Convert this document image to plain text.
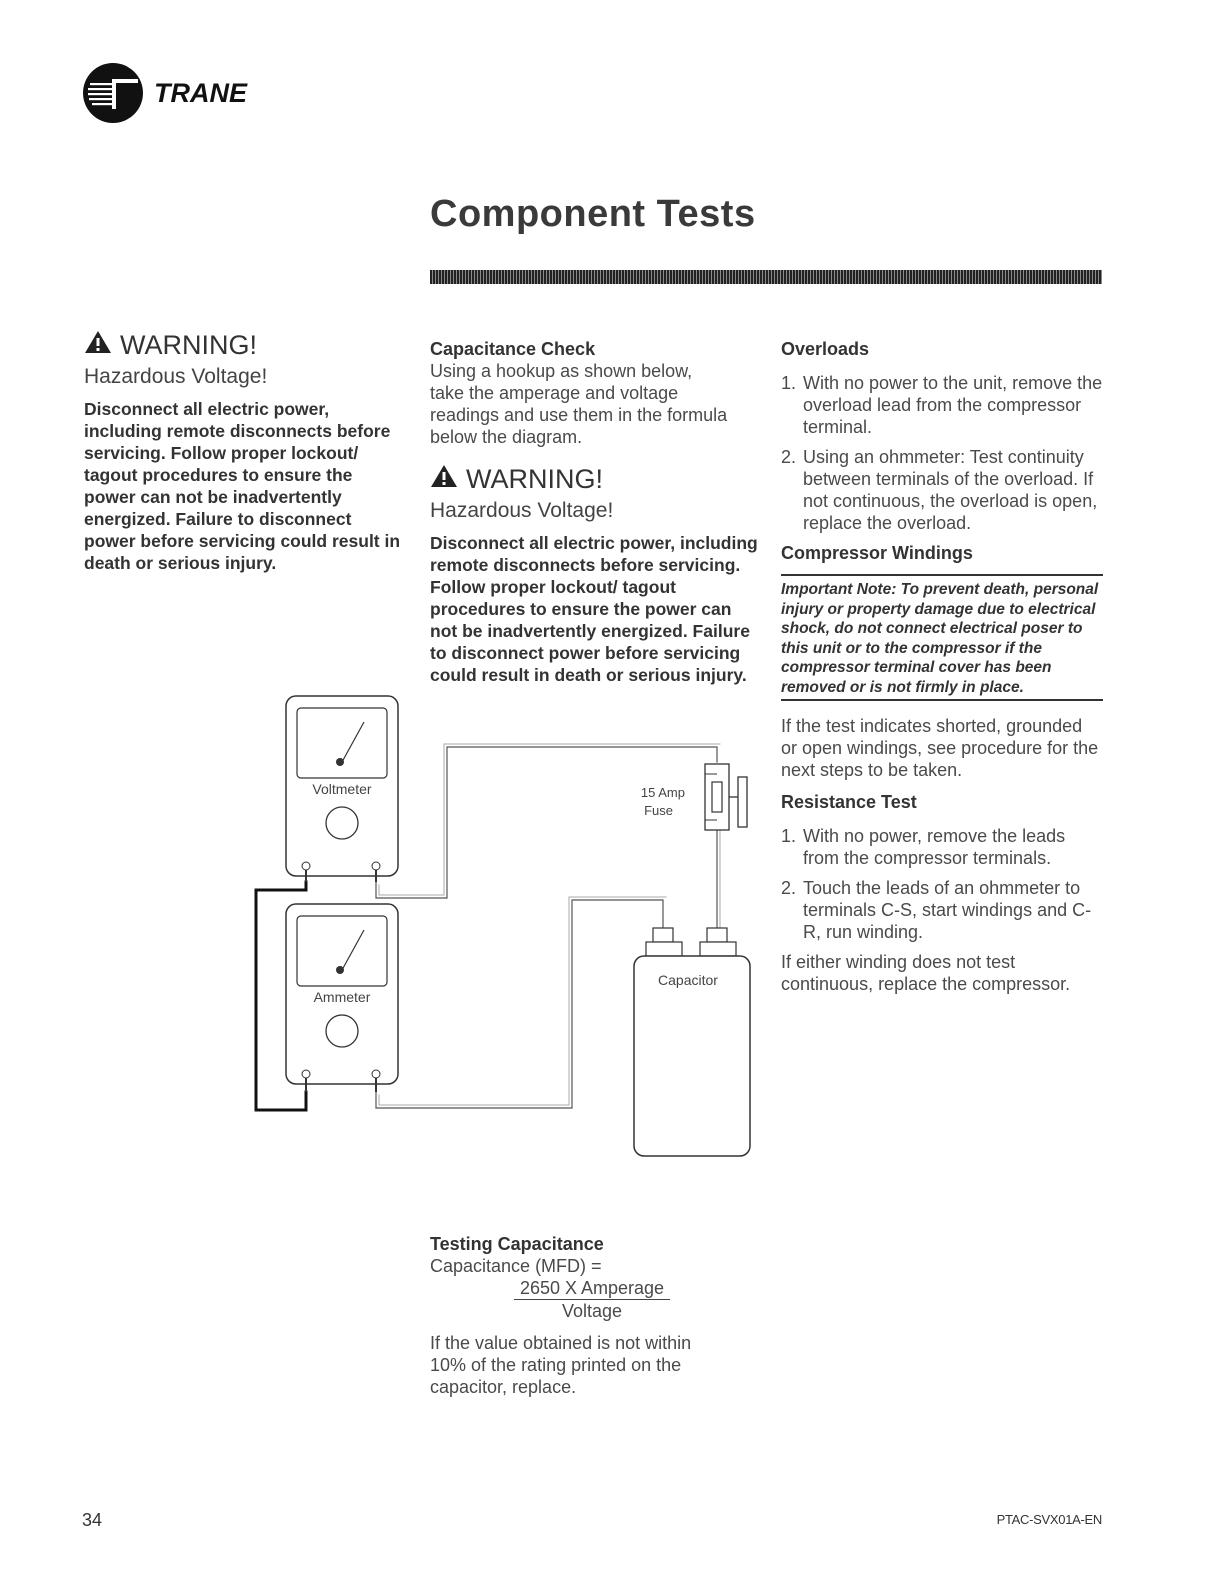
TRANE
Component Tests
WARNING!
Hazardous Voltage!
Disconnect all electric power, including remote disconnects before servicing. Follow proper lockout/ tagout procedures to ensure the power can not be inadvertently energized. Failure to disconnect power before servicing could result in death or serious injury.
Capacitance Check
Using a hookup as shown below, take the amperage and voltage readings and use them in the formula below the diagram.
WARNING!
Hazardous Voltage!
Disconnect all electric power, including remote disconnects before servicing. Follow proper lockout/ tagout procedures to ensure the power can not be inadvertently energized. Failure to disconnect power before servicing could result in death or serious injury.
Voltmeter
Ammeter
15 Amp
Fuse
Capacitor
Testing Capacitance
Capacitance (MFD) =
2650 X Amperage
Voltage
If the value obtained is not within 10% of the rating printed on the capacitor, replace.
Overloads
1. With no power to the unit, remove the overload lead from the compressor terminal.
2. Using an ohmmeter: Test continuity between terminals of the overload. If not continuous, the overload is open, replace the overload.
Compressor Windings
Important Note: To prevent death, personal injury or property damage due to electrical shock, do not connect electrical poser to this unit or to the compressor if the compressor terminal cover has been removed or is not firmly in place.
If the test indicates shorted, grounded or open windings, see procedure for the next steps to be taken.
Resistance Test
1. With no power, remove the leads from the compressor terminals.
2. Touch the leads of an ohmmeter to terminals C-S, start windings and C-R, run winding.
If either winding does not test continuous, replace the compressor.
34	PTAC-SVX01A-EN
